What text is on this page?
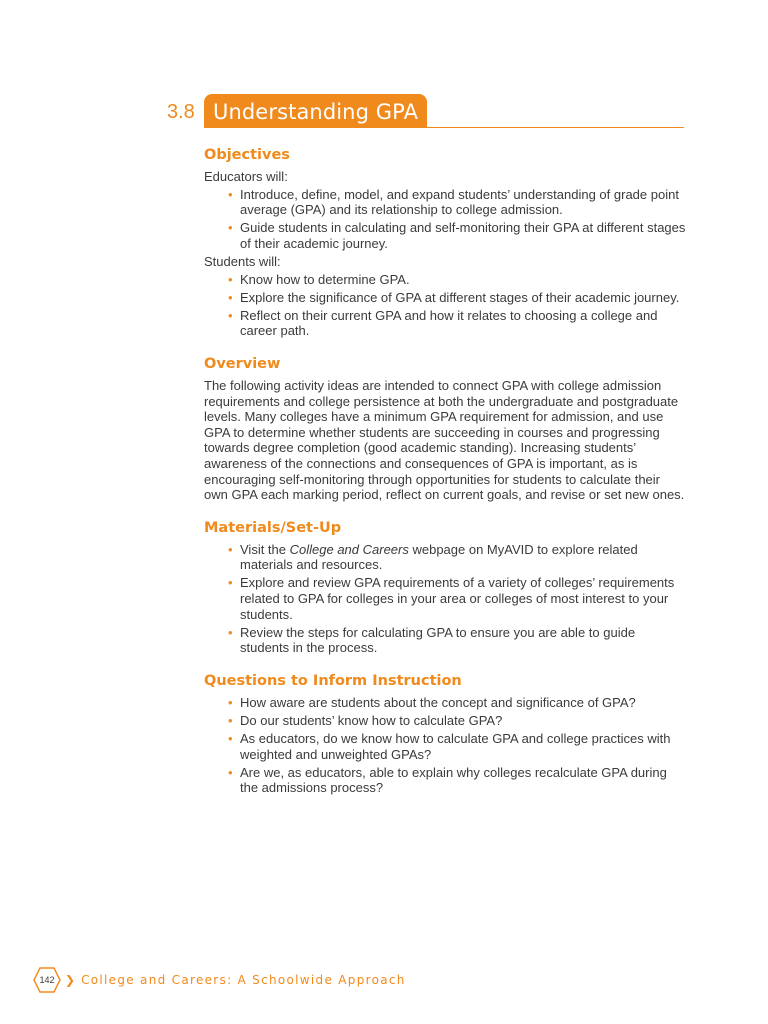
3.8 Understanding GPA
Objectives

Educators will:

• Introduce, define, model, and expand students’ understanding of grade point average (GPA) and its relationship to college admission.
• Guide students in calculating and self-monitoring their GPA at different stages of their academic journey.

Students will:

• Know how to determine GPA.
• Explore the significance of GPA at different stages of their academic journey.
• Reflect on their current GPA and how it relates to choosing a college and career path.
Overview

The following activity ideas are intended to connect GPA with college admission requirements and college persistence at both the undergraduate and postgraduate levels. Many colleges have a minimum GPA requirement for admission, and use GPA to determine whether students are succeeding in courses and progressing towards degree completion (good academic standing). Increasing students’ awareness of the connections and consequences of GPA is important, as is encouraging self-monitoring through opportunities for students to calculate their own GPA each marking period, reflect on current goals, and revise or set new ones.

Materials/Set-Up
• Visit the College and Careers webpage on MyAVID to explore related materials and resources.
• Explore and review GPA requirements of a variety of colleges’ requirements related to GPA for colleges in your area or colleges of most interest to your students.
• Review the steps for calculating GPA to ensure you are able to guide students in the process.
Questions to Inform Instruction
• How aware are students about the concept and significance of GPA?
• Do our students’ know how to calculate GPA?
• As educators, do we know how to calculate GPA and college practices with weighted and unweighted GPAs?
• Are we, as educators, able to explain why colleges recalculate GPA during the admissions process?
142 ❯ College and Careers: A Schoolwide Approach
